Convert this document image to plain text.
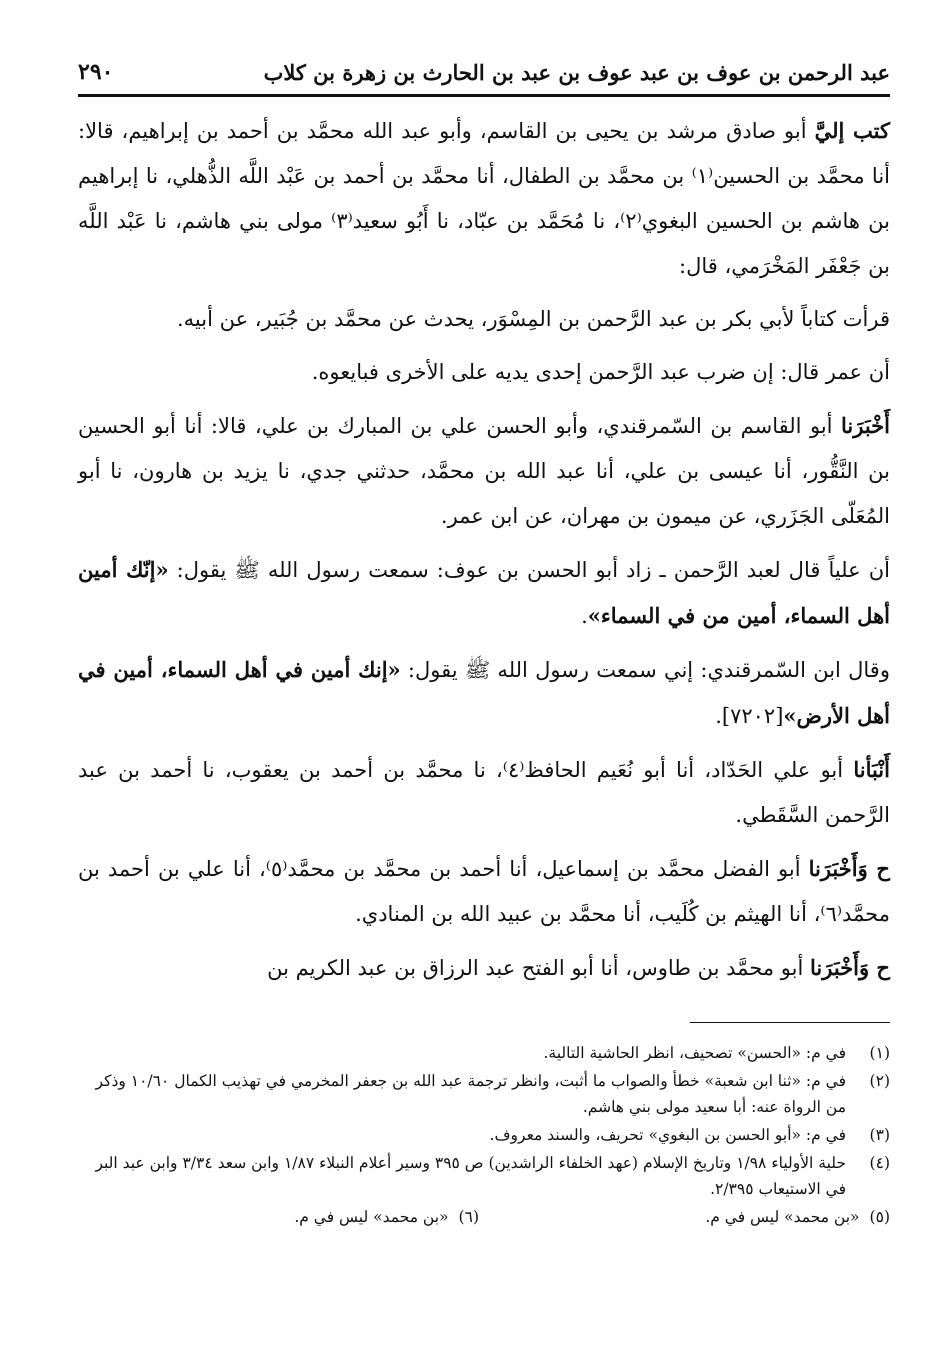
عبد الرحمن بن عوف بن عبد عوف بن عبد بن الحارث بن زهرة بن كلاب
٢٩٠

كتب إليَّ أبو صادق مرشد بن يحيى بن القاسم، وأبو عبد الله محمَّد بن أحمد بن إبراهيم، قالا: أنا محمَّد بن الحسين⁽١⁾ بن محمَّد بن الطفال، أنا محمَّد بن أحمد بن عَبْد اللَّه الذُّهلي، نا إبراهيم بن هاشم بن الحسين البغوي⁽٢⁾، نا مُحَمَّد بن عبّاد، نا أَبُو سعيد⁽٣⁾ مولى بني هاشم، نا عَبْد اللَّه بن جَعْفَر المَخْرَمي، قال:

قرأت كتاباً لأبي بكر بن عبد الرَّحمن بن المِسْوَر، يحدث عن محمَّد بن جُبَير، عن أبيه.

أن عمر قال: إن ضرب عبد الرَّحمن إحدى يديه على الأخرى فبايعوه.

أَخْبَرَنا أبو القاسم بن السّمرقندي، وأبو الحسن علي بن المبارك بن علي، قالا: أنا أبو الحسين بن النَّقُّور، أنا عيسى بن علي، أنا عبد الله بن محمَّد، حدثني جدي، نا يزيد بن هارون، نا أبو المُعَلّى الجَزَري، عن ميمون بن مهران، عن ابن عمر.

أن علياً قال لعبد الرَّحمن ـ زاد أبو الحسن بن عوف: سمعت رسول الله ﷺ يقول: «إنّك أمين أهل السماء، أمين من في السماء».

وقال ابن السّمرقندي: إني سمعت رسول الله ﷺ يقول: «إنك أمين في أهل السماء، أمين في أهل الأرض»[٧٢٠٢].

أَنْبَأنا أبو علي الحَدّاد، أنا أبو نُعَيم الحافظ⁽٤⁾، نا محمَّد بن أحمد بن يعقوب، نا أحمد بن عبد الرَّحمن السَّقَطي.

ح وَأَخْبَرَنا أبو الفضل محمَّد بن إسماعيل، أنا أحمد بن محمَّد بن محمَّد⁽٥⁾، أنا علي بن أحمد بن محمَّد⁽٦⁾، أنا الهيثم بن كُلَيب، أنا محمَّد بن عبيد الله بن المنادي.

ح وَأَخْبَرَنا أبو محمَّد بن طاوس، أنا أبو الفتح عبد الرزاق بن عبد الكريم بن

(١)
في م: «الحسن» تصحيف، انظر الحاشية التالية.
(٢)
في م: «ثنا ابن شعبة» خطأ والصواب ما أثبت، وانظر ترجمة عبد الله بن جعفر المخرمي في تهذيب الكمال ١٠/٦٠ وذكر من الرواة عنه: أبا سعيد مولى بني هاشم.
(٣)
في م: «أبو الحسن بن البغوي» تحريف، والسند معروف.
(٤)
حلية الأولياء ١/٩٨ وتاريخ الإسلام (عهد الخلفاء الراشدين) ص ٣٩٥ وسير أعلام النبلاء ١/٨٧ وابن سعد ٣/٣٤ وابن عبد البر في الاستيعاب ٢/٣٩٥.
(٥)
«بن محمد» ليس في م.
(٦)
«بن محمد» ليس في م.
